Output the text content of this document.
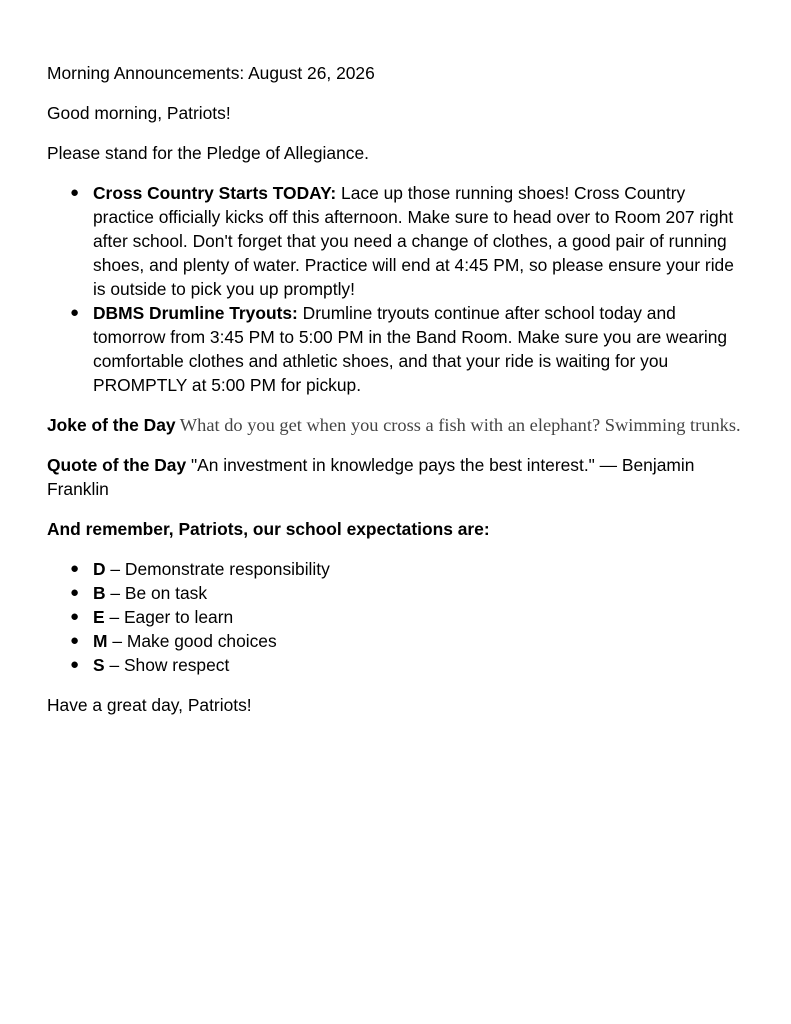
Morning Announcements: August 26, 2026

Good morning, Patriots!

Please stand for the Pledge of Allegiance.

● Cross Country Starts TODAY: Lace up those running shoes! Cross Country practice officially kicks off this afternoon. Make sure to head over to Room 207 right after school. Don't forget that you need a change of clothes, a good pair of running shoes, and plenty of water. Practice will end at 4:45 PM, so please ensure your ride is outside to pick you up promptly!
● DBMS Drumline Tryouts: Drumline tryouts continue after school today and tomorrow from 3:45 PM to 5:00 PM in the Band Room. Make sure you are wearing comfortable clothes and athletic shoes, and that your ride is waiting for you PROMPTLY at 5:00 PM for pickup.

Joke of the Day What do you get when you cross a fish with an elephant? Swimming trunks.

Quote of the Day "An investment in knowledge pays the best interest." — Benjamin Franklin

And remember, Patriots, our school expectations are:

● D – Demonstrate responsibility
● B – Be on task
● E – Eager to learn
● M – Make good choices
● S – Show respect

Have a great day, Patriots!
